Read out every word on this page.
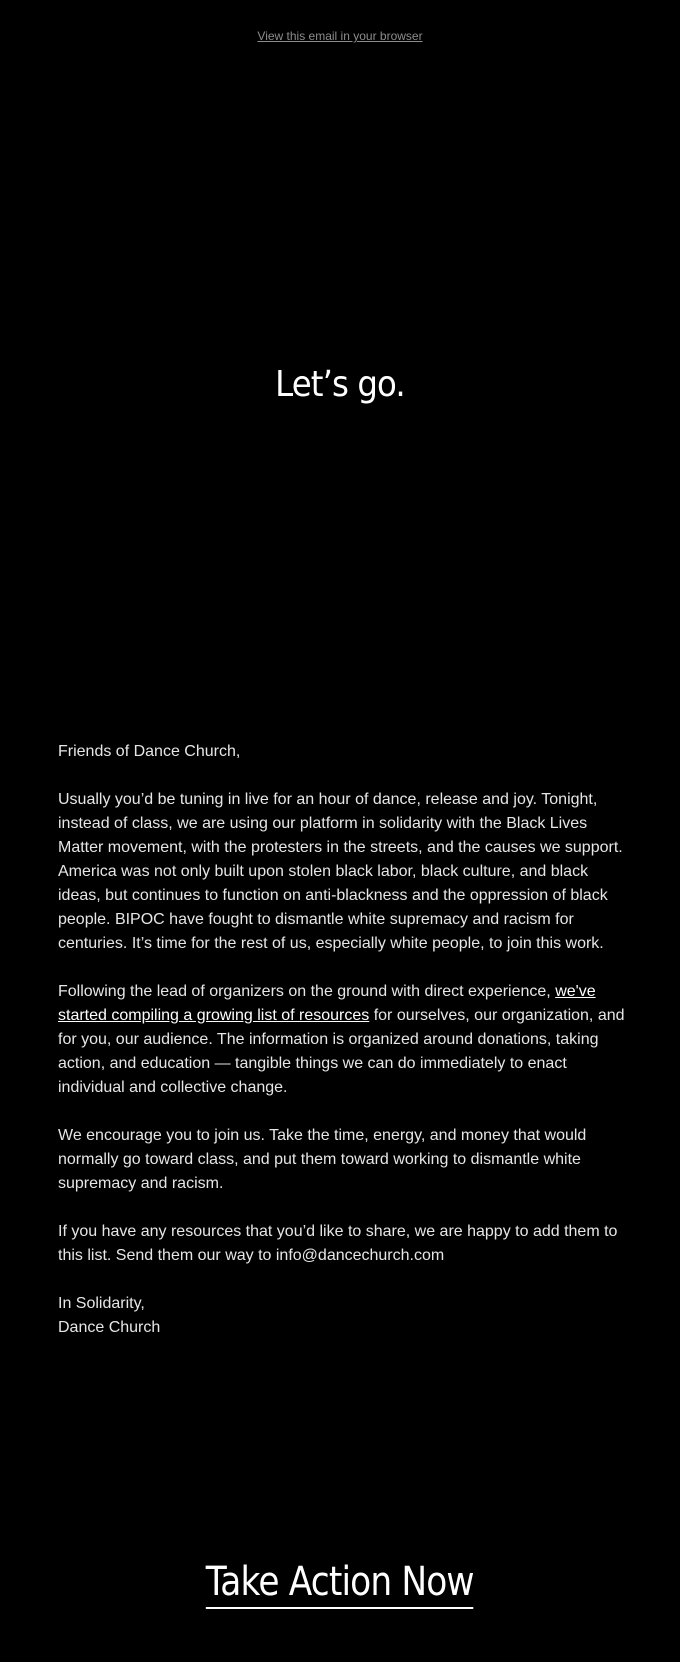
View this email in your browser
Let’s go.

Friends of Dance Church,

Usually you’d be tuning in live for an hour of dance, release and joy. Tonight, instead of class, we are using our platform in solidarity with the Black Lives Matter movement, with the protesters in the streets, and the causes we support. America was not only built upon stolen black labor, black culture, and black ideas, but continues to function on anti-blackness and the oppression of black people. BIPOC have fought to dismantle white supremacy and racism for centuries. It’s time for the rest of us, especially white people, to join this work.

Following the lead of organizers on the ground with direct experience, we've started compiling a growing list of resources for ourselves, our organization, and for you, our audience. The information is organized around donations, taking action, and education — tangible things we can do immediately to enact individual and collective change.

We encourage you to join us. Take the time, energy, and money that would normally go toward class, and put them toward working to dismantle white supremacy and racism.

If you have any resources that you’d like to share, we are happy to add them to this list. Send them our way to info@dancechurch.com

In Solidarity,
Dance Church

Take Action Now
